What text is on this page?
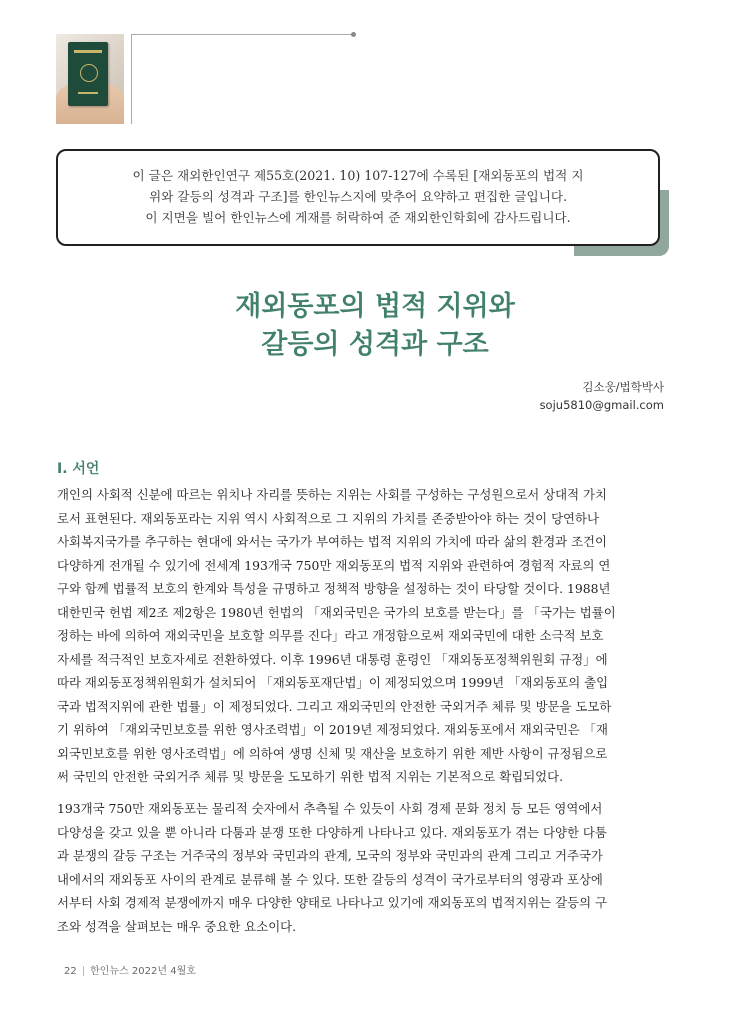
이 글은 재외한인연구 제55호(2021. 10) 107-127에 수록된 [재외동포의 법적 지

위와 갈등의 성격과 구조]를 한인뉴스지에 맞추어 요약하고 편집한 글입니다.

이 지면을 빌어 한인뉴스에 게재를 허락하여 준 재외한인학회에 감사드립니다.

재외동포의 법적 지위와
갈등의 성격과 구조
김소웅/법학박사
soju5810@gmail.com
I. 서언

개인의 사회적 신분에 따르는 위치나 자리를 뜻하는 지위는 사회를 구성하는 구성원으로서 상대적 가치

로서 표현된다. 재외동포라는 지위 역시 사회적으로 그 지위의 가치를 존중받아야 하는 것이 당연하나

사회복지국가를 추구하는 현대에 와서는 국가가 부여하는 법적 지위의 가치에 따라 삶의 환경과 조건이

다양하게 전개될 수 있기에 전세계 193개국 750만 재외동포의 법적 지위와 관련하여 경험적 자료의 연

구와 함께 법률적 보호의 한계와 특성을 규명하고 정책적 방향을 설정하는 것이 타당할 것이다. 1988년

대한민국 헌법 제2조 제2항은 1980년 헌법의 「재외국민은 국가의 보호를 받는다」를 「국가는 법률이

정하는 바에 의하여 재외국민을 보호할 의무를 진다」라고 개정함으로써 재외국민에 대한 소극적 보호

자세를 적극적인 보호자세로 전환하였다. 이후 1996년 대통령 훈령인 「재외동포정책위원회 규정」에

따라 재외동포정책위원회가 설치되어 「재외동포재단법」이 제정되었으며 1999년 「재외동포의 출입

국과 법적지위에 관한 법률」이 제정되었다. 그리고 재외국민의 안전한 국외거주 체류 및 방문을 도모하

기 위하여 「재외국민보호를 위한 영사조력법」이 2019년 제정되었다. 재외동포에서 재외국민은 「재

외국민보호를 위한 영사조력법」에 의하여 생명 신체 및 재산을 보호하기 위한 제반 사항이 규정됨으로

써 국민의 안전한 국외거주 체류 및 방문을 도모하기 위한 법적 지위는 기본적으로 확립되었다.

193개국 750만 재외동포는 물리적 숫자에서 추측될 수 있듯이 사회 경제 문화 정치 등 모든 영역에서

다양성을 갖고 있을 뿐 아니라 다툼과 분쟁 또한 다양하게 나타나고 있다. 재외동포가 겪는 다양한 다툼

과 분쟁의 갈등 구조는 거주국의 정부와 국민과의 관계, 모국의 정부와 국민과의 관계 그리고 거주국가

내에서의 재외동포 사이의 관계로 분류해 볼 수 있다. 또한 갈등의 성격이 국가로부터의 영광과 포상에

서부터 사회 경제적 분쟁에까지 매우 다양한 양태로 나타나고 있기에 재외동포의 법적지위는 갈등의 구

조와 성격을 살펴보는 매우 중요한 요소이다.

22 | 한인뉴스 2022년 4월호
